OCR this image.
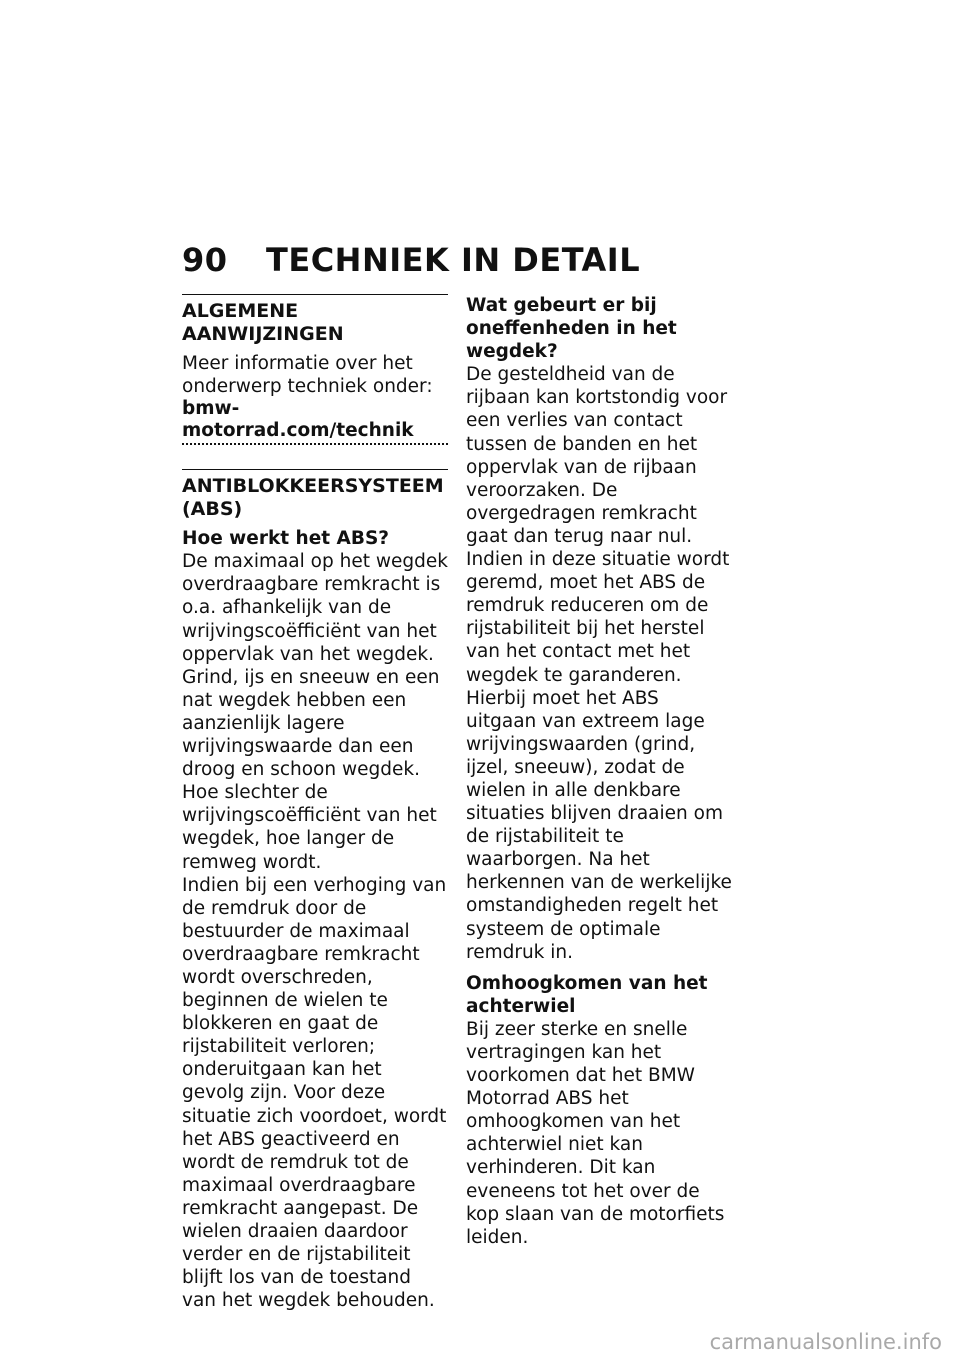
90 TECHNIEK IN DETAIL
ALGEMENE AANWIJZINGEN

Meer informatie over het onderwerp techniek onder:
bmw-motorrad.com/technik

ANTIBLOKKEERSYSTEEM (ABS)
Hoe werkt het ABS?

De maximaal op het wegdek overdraagbare remkracht is o.a. afhankelijk van de wrijvingscoëfficiënt van het oppervlak van het wegdek. Grind, ijs en sneeuw en een nat wegdek hebben een aanzienlijk lagere wrijvingswaarde dan een droog en schoon wegdek. Hoe slechter de wrijvingscoëfficiënt van het wegdek, hoe langer de remweg wordt.

Indien bij een verhoging van de remdruk door de bestuurder de maximaal overdraagbare remkracht wordt overschreden, beginnen de wielen te blokkeren en gaat de rijstabiliteit verloren; onderuitgaan kan het gevolg zijn. Voor deze situatie zich voordoet, wordt het ABS geactiveerd en wordt de remdruk tot de maximaal overdraagbare remkracht aangepast. De wielen draaien daardoor verder en de rijstabiliteit blijft los van de toestand van het wegdek behouden.

Wat gebeurt er bij oneffenheden in het wegdek?

De gesteldheid van de rijbaan kan kortstondig voor een verlies van contact tussen de banden en het oppervlak van de rijbaan veroorzaken. De overgedragen remkracht gaat dan terug naar nul. Indien in deze situatie wordt geremd, moet het ABS de remdruk reduceren om de rijstabiliteit bij het herstel van het contact met het wegdek te garanderen. Hierbij moet het ABS uitgaan van extreem lage wrijvingswaarden (grind, ijzel, sneeuw), zodat de wielen in alle denkbare situaties blijven draaien om de rijstabiliteit te waarborgen. Na het herkennen van de werkelijke omstandigheden regelt het systeem de optimale remdruk in.

Omhoogkomen van het achterwiel

Bij zeer sterke en snelle vertragingen kan het voorkomen dat het BMW Motorrad ABS het omhoogkomen van het achterwiel niet kan verhinderen. Dit kan eveneens tot het over de kop slaan van de motorfiets leiden.

carmanualsonline.info
